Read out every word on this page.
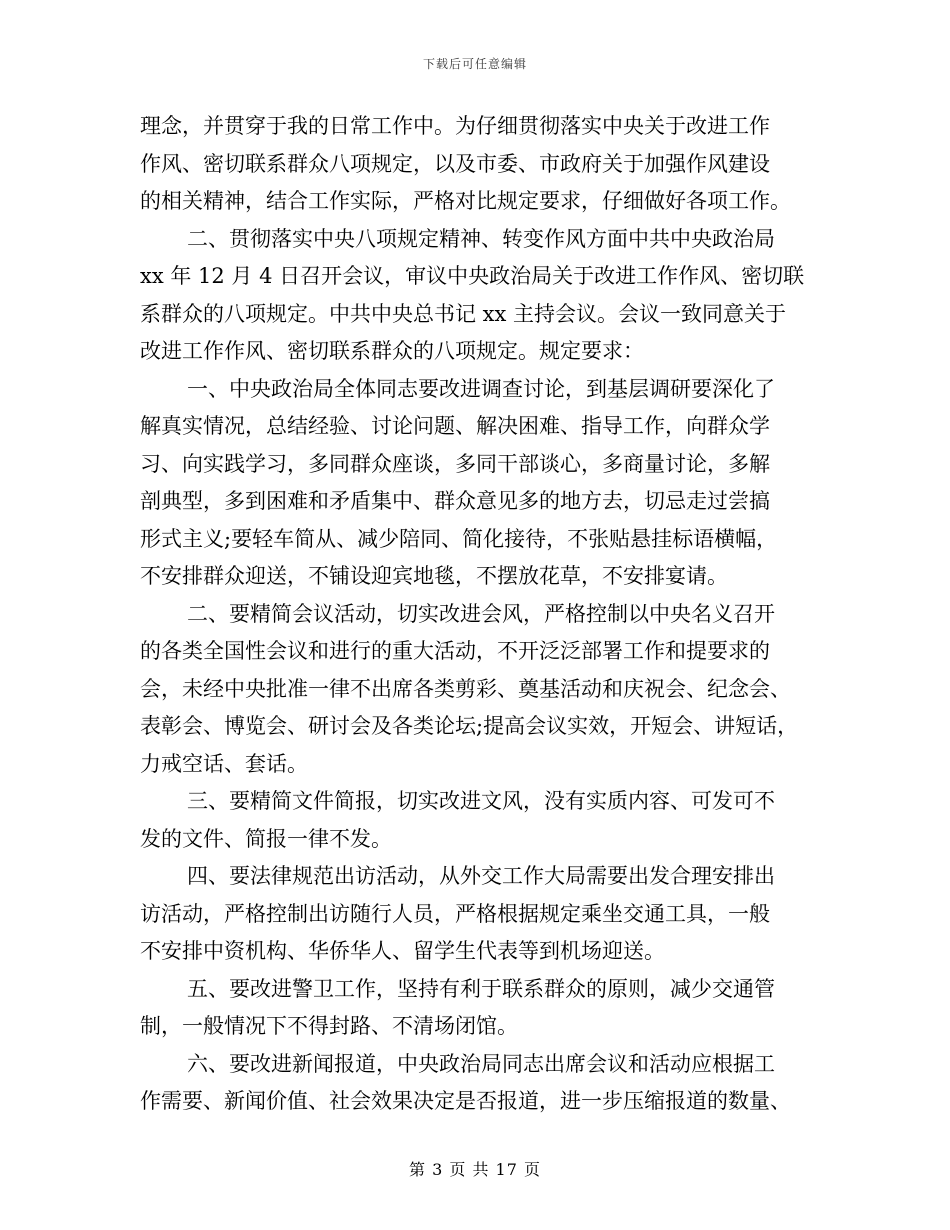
下载后可任意编辑
理念，并贯穿于我的日常工作中。为仔细贯彻落实中央关于改进工作
作风、密切联系群众八项规定，以及市委、市政府关于加强作风建设
的相关精神，结合工作实际，严格对比规定要求，仔细做好各项工作。
二、贯彻落实中央八项规定精神、转变作风方面中共中央政治局
xx 年 12 月 4 日召开会议，审议中央政治局关于改进工作作风、密切联
系群众的八项规定。中共中央总书记 xx 主持会议。会议一致同意关于
改进工作作风、密切联系群众的八项规定。规定要求：
一、中央政治局全体同志要改进调查讨论，到基层调研要深化了
解真实情况，总结经验、讨论问题、解决困难、指导工作，向群众学
习、向实践学习，多同群众座谈，多同干部谈心，多商量讨论，多解
剖典型，多到困难和矛盾集中、群众意见多的地方去，切忌走过尝搞
形式主义;要轻车简从、减少陪同、简化接待，不张贴悬挂标语横幅，
不安排群众迎送，不铺设迎宾地毯，不摆放花草，不安排宴请。
二、要精简会议活动，切实改进会风，严格控制以中央名义召开
的各类全国性会议和进行的重大活动，不开泛泛部署工作和提要求的
会，未经中央批准一律不出席各类剪彩、奠基活动和庆祝会、纪念会、
表彰会、博览会、研讨会及各类论坛;提高会议实效，开短会、讲短话，
力戒空话、套话。
三、要精简文件简报，切实改进文风，没有实质内容、可发可不
发的文件、简报一律不发。
四、要法律规范出访活动，从外交工作大局需要出发合理安排出
访活动，严格控制出访随行人员，严格根据规定乘坐交通工具，一般
不安排中资机构、华侨华人、留学生代表等到机场迎送。
五、要改进警卫工作，坚持有利于联系群众的原则，减少交通管
制，一般情况下不得封路、不清场闭馆。
六、要改进新闻报道，中央政治局同志出席会议和活动应根据工
作需要、新闻价值、社会效果决定是否报道，进一步压缩报道的数量、
第 3 页 共 17 页
